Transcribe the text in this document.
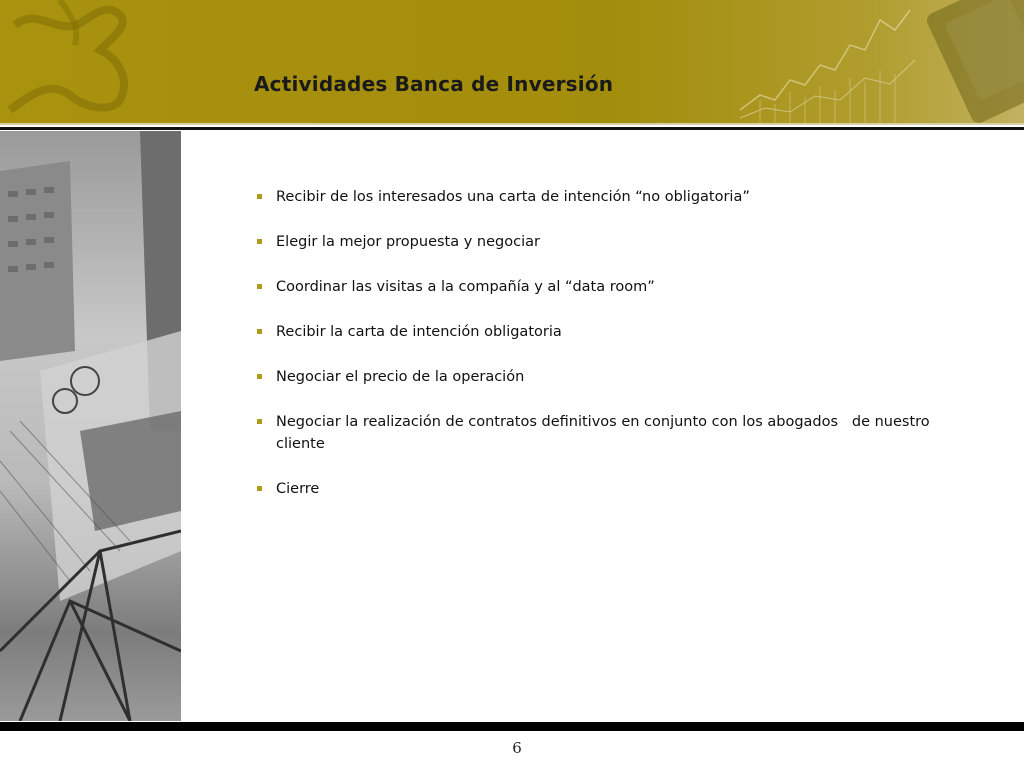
Actividades Banca de Inversión
Recibir de los interesados una carta de intención “no obligatoria”
Elegir la mejor propuesta y negociar
Coordinar las visitas a la compañía y al “data room”
Recibir la carta de intención obligatoria
Negociar el precio de la operación
Negociar la realización de contratos definitivos en conjunto con los abogados   de nuestro cliente
Cierre
6
